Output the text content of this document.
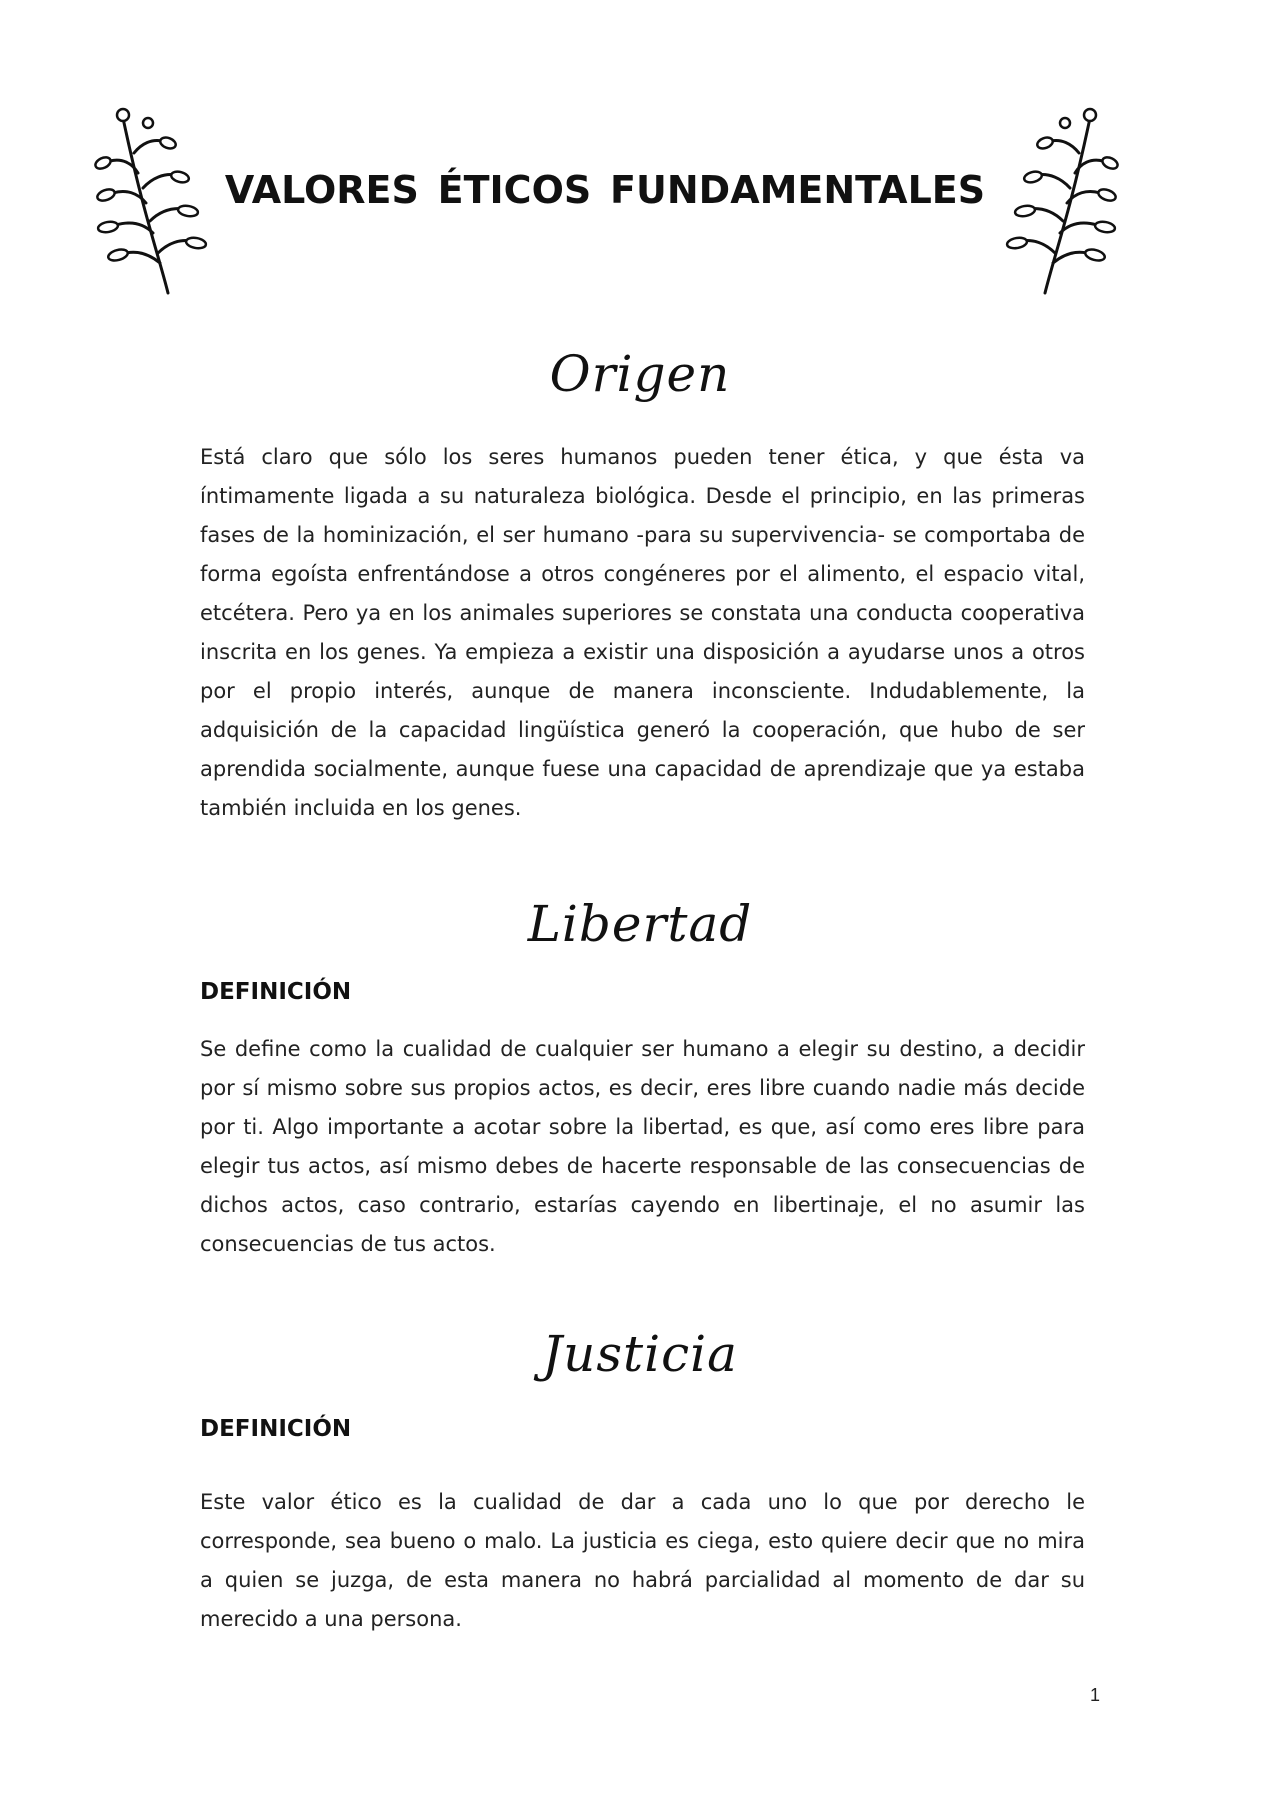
valores éticos fundamentales
Origen

Está claro que sólo los seres humanos pueden tener ética, y que ésta va íntimamente ligada a su naturaleza biológica. Desde el principio, en las primeras fases de la hominización, el ser humano -para su supervivencia- se comportaba de forma egoísta enfrentándose a otros congéneres por el alimento, el espacio vital, etcétera. Pero ya en los animales superiores se constata una conducta cooperativa inscrita en los genes. Ya empieza a existir una disposición a ayudarse unos a otros por el propio interés, aunque de manera inconsciente. Indudablemente, la adquisición de la capacidad lingüística generó la cooperación, que hubo de ser aprendida socialmente, aunque fuese una capacidad de aprendizaje que ya estaba también incluida en los genes.

Libertad
definición

Se define como la cualidad de cualquier ser humano a elegir su destino, a decidir por sí mismo sobre sus propios actos, es decir, eres libre cuando nadie más decide por ti. Algo importante a acotar sobre la libertad, es que, así como eres libre para elegir tus actos, así mismo debes de hacerte responsable de las consecuencias de dichos actos, caso contrario, estarías cayendo en libertinaje, el no asumir las consecuencias de tus actos.

Justicia
definición

Este valor ético es la cualidad de dar a cada uno lo que por derecho le corresponde, sea bueno o malo. La justicia es ciega, esto quiere decir que no mira a quien se juzga, de esta manera no habrá parcialidad al momento de dar su merecido a una persona.

1
